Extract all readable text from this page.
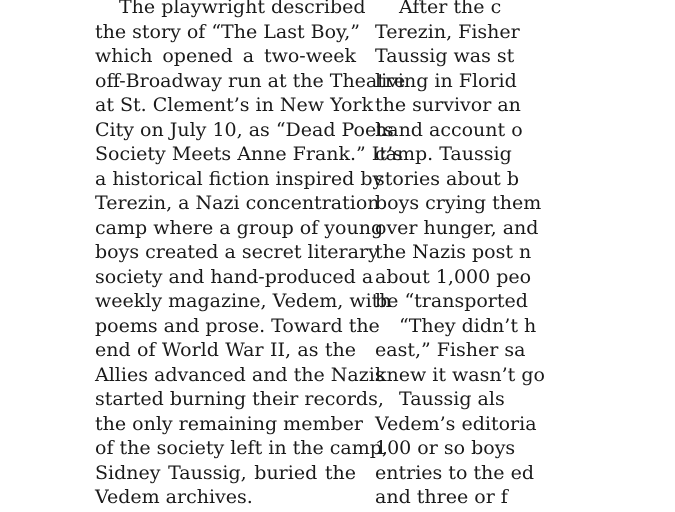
The playwright described
the story of “The Last Boy,”
which opened a two-week
off-Broadway run at the Theatre
at St. Clement’s in New York
City on July 10, as “Dead Poets
Society Meets Anne Frank.” It’s
a historical fiction inspired by
Terezin, a Nazi concentration
camp where a group of young
boys created a secret literary
society and hand-produced a
weekly magazine, Vedem, with
poems and prose. Toward the
end of World War II, as the
Allies advanced and the Nazis
started burning their records,
the only remaining member
of the society left in the camp,
Sidney Taussig, buried the
Vedem archives.
After the c
Terezin, Fisher
Taussig was st
living in Florid
the survivor an
hand account o
camp. Taussig
stories about b
boys crying them
over hunger, and
the Nazis post n
about 1,000 peo
be “transported
“They didn’t h
east,” Fisher sa
knew it wasn’t go
Taussig als
Vedem’s editoria
100 or so boys
entries to the ed
and three or f
